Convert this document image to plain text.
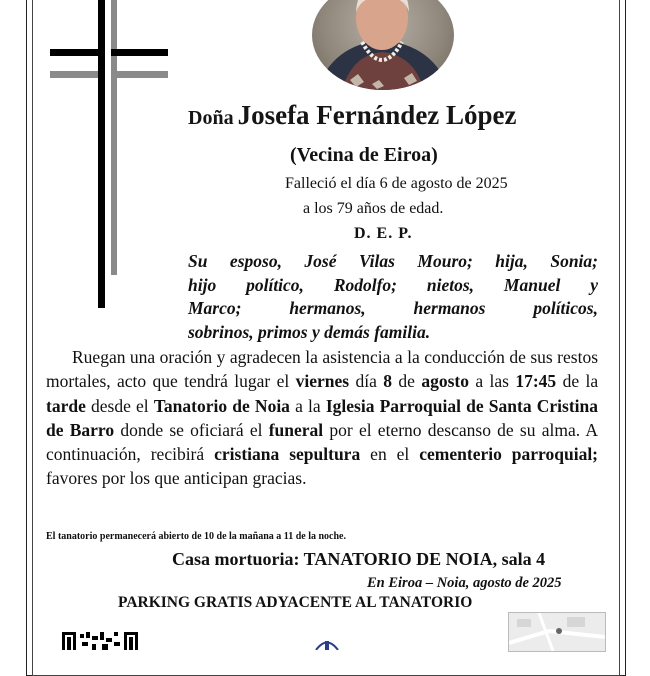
Doña Josefa Fernández López
(Vecina de Eiroa)
Falleció el día 6 de agosto de 2025
a los 79 años de edad.
D. E. P.
Su esposo, José Vilas Mouro; hija, Sonia;
hijo político, Rodolfo; nietos, Manuel y
Marco; hermanos, hermanos políticos,
sobrinos, primos y demás familia.
Ruegan una oración y agradecen la asistencia a la conducción de sus restos mortales, acto que tendrá lugar el viernes día 8 de agosto a las 17:45 de la tarde desde el Tanatorio de Noia a la Iglesia Parroquial de Santa Cristina de Barro donde se oficiará el funeral por el eterno descanso de su alma. A continuación, recibirá cristiana sepultura en el cementerio parroquial; favores por los que anticipan gracias.
El tanatorio permanecerá abierto de 10 de la mañana a 11 de la noche.
Casa mortuoria: TANATORIO DE NOIA, sala 4
En Eiroa – Noia, agosto de 2025
PARKING GRATIS ADYACENTE AL TANATORIO
